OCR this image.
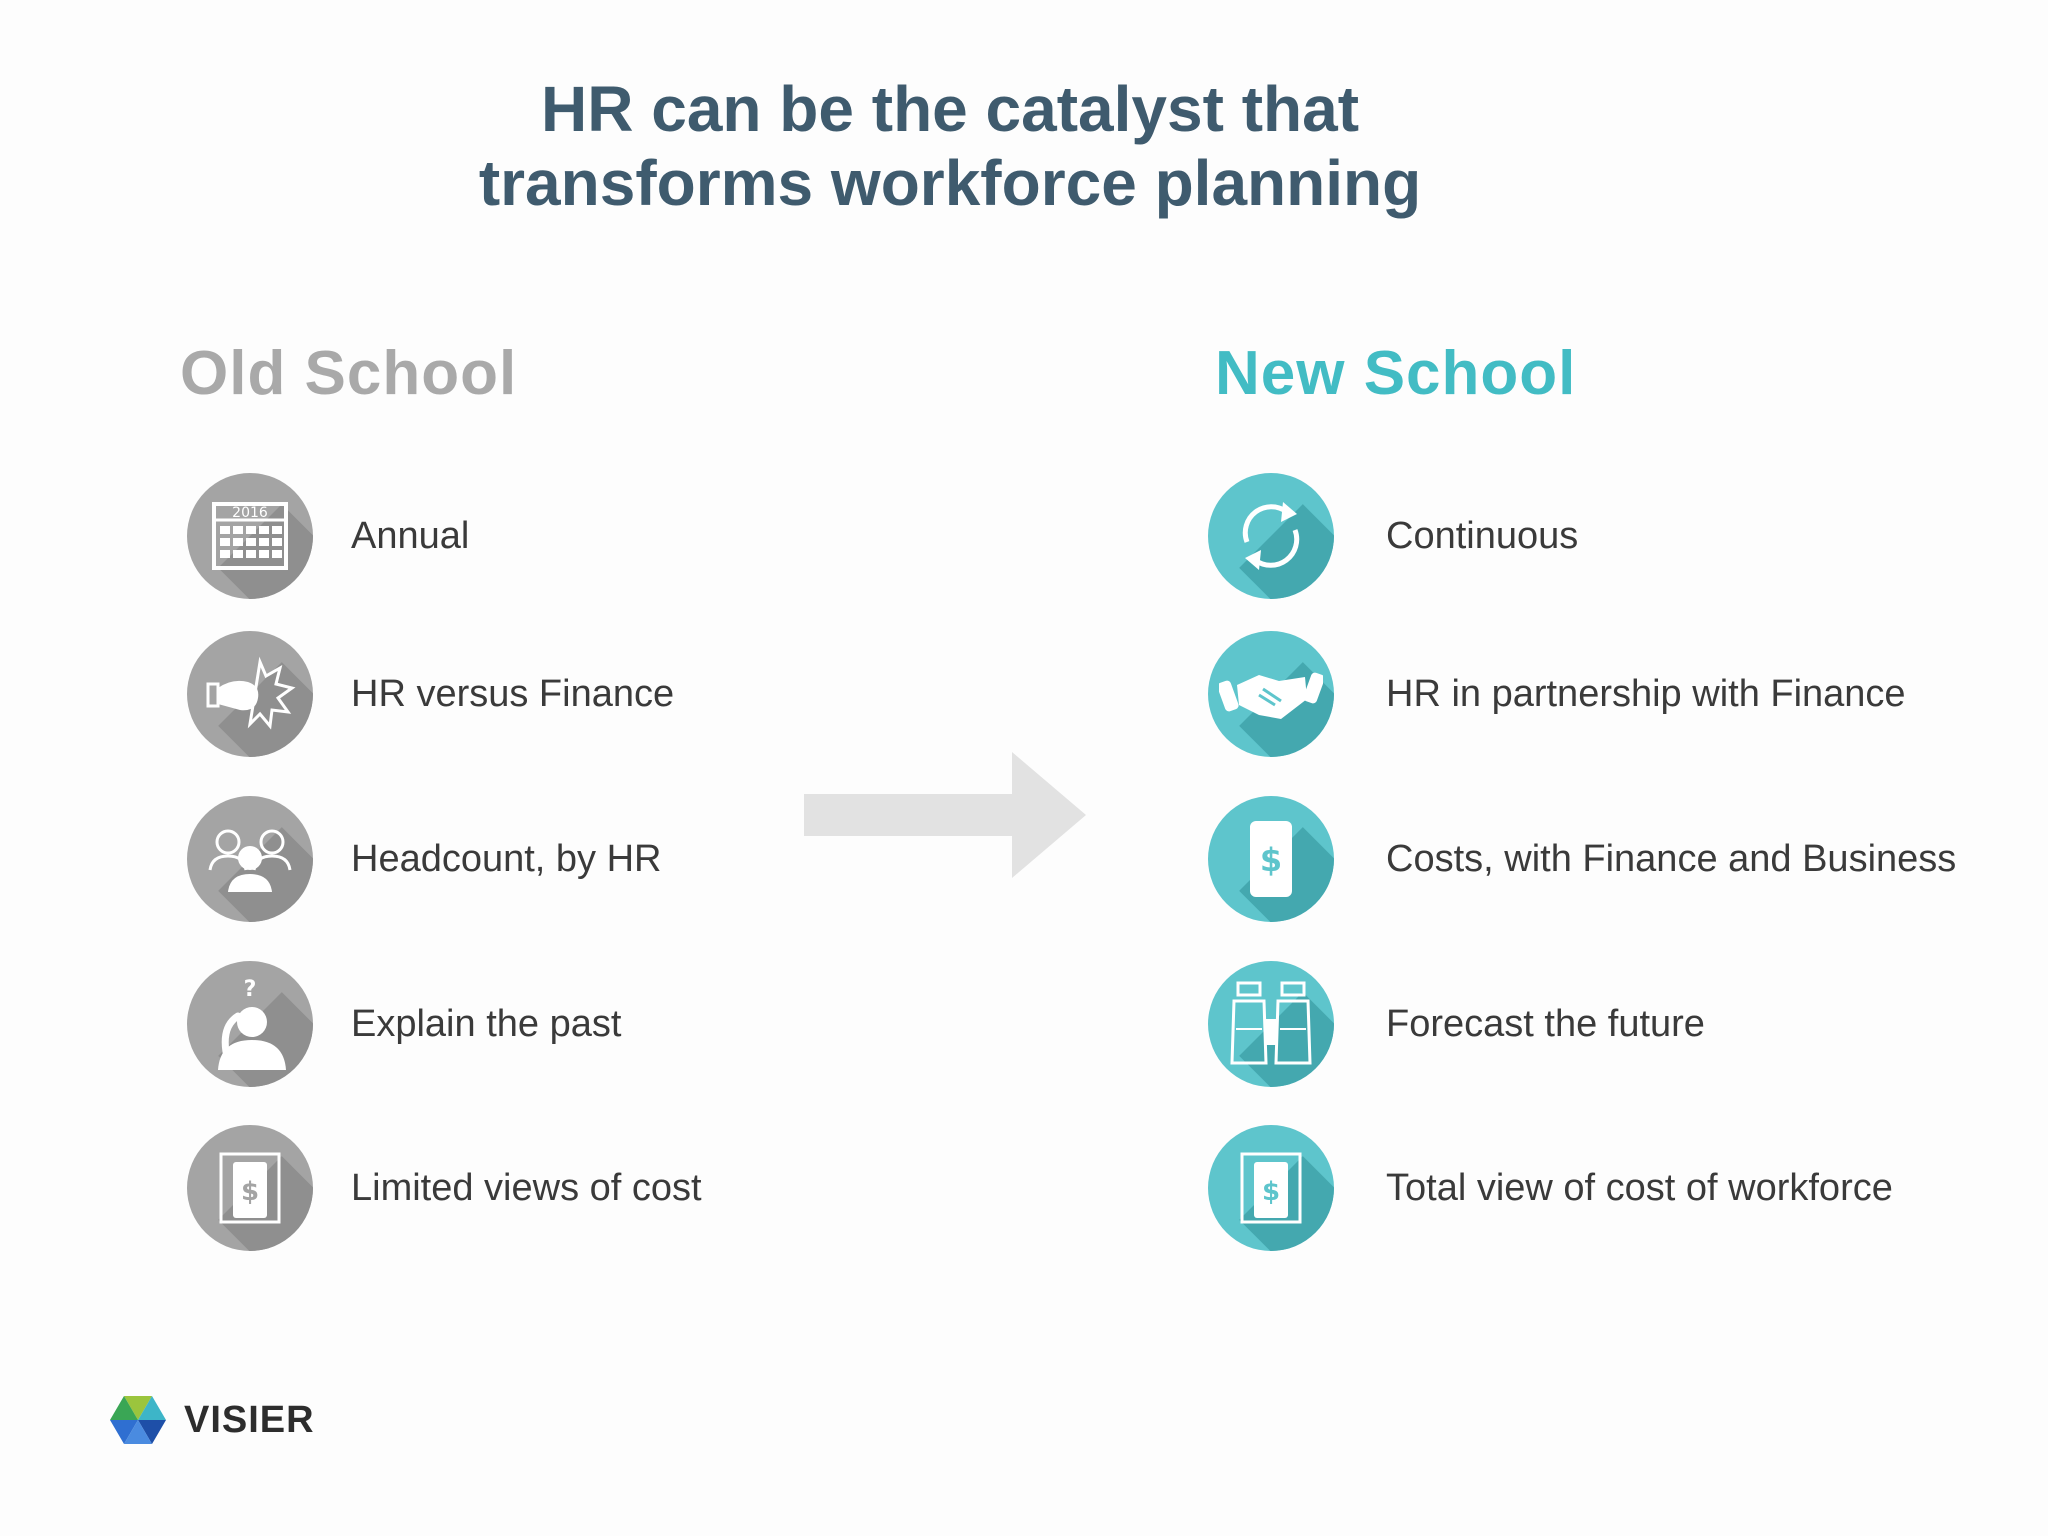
HR can be the catalyst that
transforms workforce planning
Old School	New School
2016
Annual
HR versus Finance
Headcount, by HR
?
Explain the past
$ Limited views of cost
Continuous
HR in partnership with Finance
$	Costs, with Finance and Business
Forecast the future
$	Total view of cost of workforce
VISIER
